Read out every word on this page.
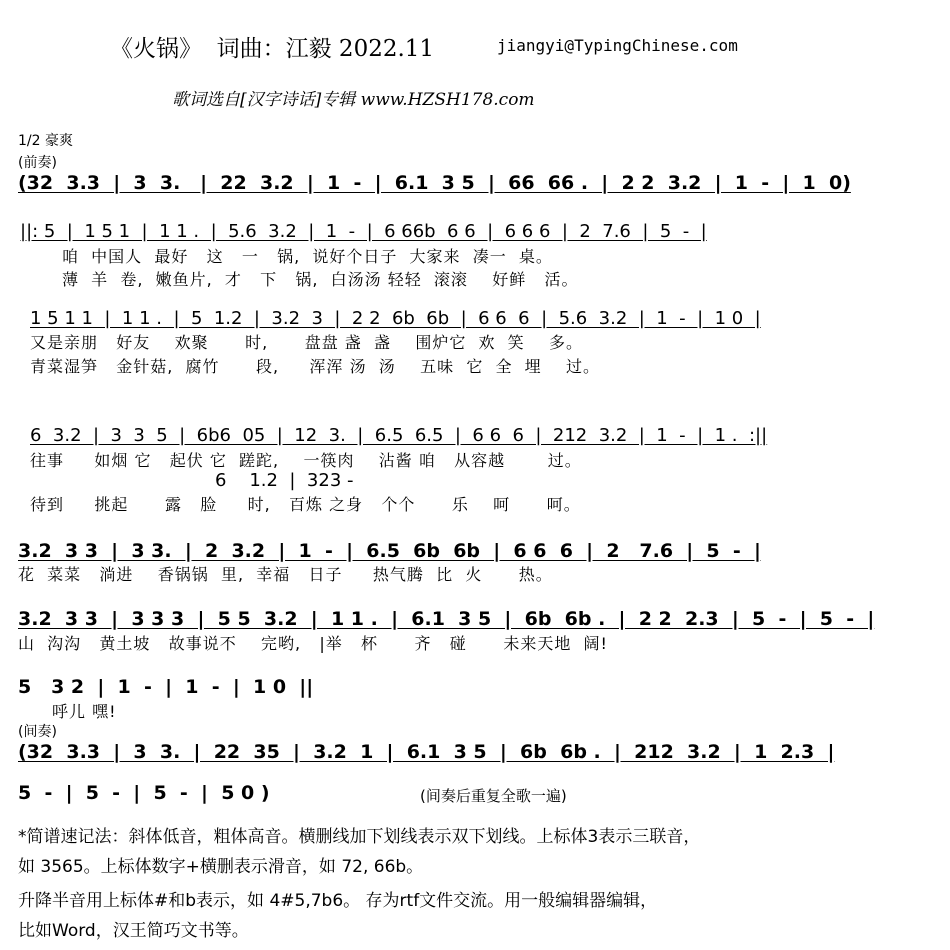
《火锅》  词曲：江毅 2022.11	jiangyi@TypingChinese.com
歌词选自[汉字诗话]专辑 www.HZSH178.com
1/2 豪爽
(前奏)
(32  3.3  |  3  3.   |  22  3.2  |  1  -  |  6.1  3 5  |  66  66 .  |  2 2  3.2  |  1  -  |  1  0)
||: 5  |  1 5 1  |  1 1 .  |  5.6  3.2  |  1  -  |  6 66b  6 6  |  6 6 6  |  2  7.6  |  5  -  |
咱  中国人  最好   这   一   锅,  说好个日子  大家来  凑一  桌。
薄  羊  卷,  嫩鱼片,  才   下   锅,  白汤汤 轻轻  滚滚    好鲜   活。
1 5 1 1  |  1 1 .  |  5  1.2  |  3.2  3  |  2 2  6b  6b  |  6 6  6  |  5.6  3.2  |  1  -  |  1 0  |
又是亲朋   好友    欢聚      时,      盘盘 盏  盏    围炉它  欢  笑    多。
青菜湿笋   金针菇,  腐竹      段,     浑浑 汤  汤    五味  它  全  埋    过。
6  3.2  |  3  3  5  |  6b6  05  |  12  3.  |  6.5  6.5  |  6 6  6  |  212  3.2  |  1  -  |  1 .  :||
往事     如烟 它   起伏 它  蹉跎,    一筷肉    沾酱 咱   从容越       过。
6    1.2  |  323 -
待到     挑起      露   脸     时,   百炼 之身   个个      乐    呵      呵。
3.2  3 3  |  3 3.  |  2  3.2  |  1  -  |  6.5  6b  6b  |  6 6  6  |  2   7.6  |  5  -  |
花  菜菜   淌进    香锅锅  里,  幸福   日子     热气腾  比  火      热。
3.2  3 3  |  3 3 3  |  5 5  3.2  |  1 1 .  |  6.1  3 5  |  6b  6b .  |  2 2  2.3  |  5  -  |  5  -  |
山  沟沟   黄土坡   故事说不    完哟,   |举   杯      齐   碰      未来天地  阔!
5   3 2  |  1  -  |  1  -  |  1 0  ||
呼儿 嘿!
(间奏)
(32  3.3  |  3  3.  |  22  35  |  3.2  1  |  6.1  3 5  |  6b  6b .  |  212  3.2  |  1  2.3  |
5  -  |  5  -  |  5  -  |  5 0 )	(间奏后重复全歌一遍)
*简谱速记法：斜体低音，粗体高音。横删线加下划线表示双下划线。上标体3表示三联音，
如 3565。上标体数字+横删表示滑音，如 72, 66b。
升降半音用上标体#和b表示，如 4#5,7b6。 存为rtf文件交流。用一般编辑器编辑，
比如Word，汉王简巧文书等。
